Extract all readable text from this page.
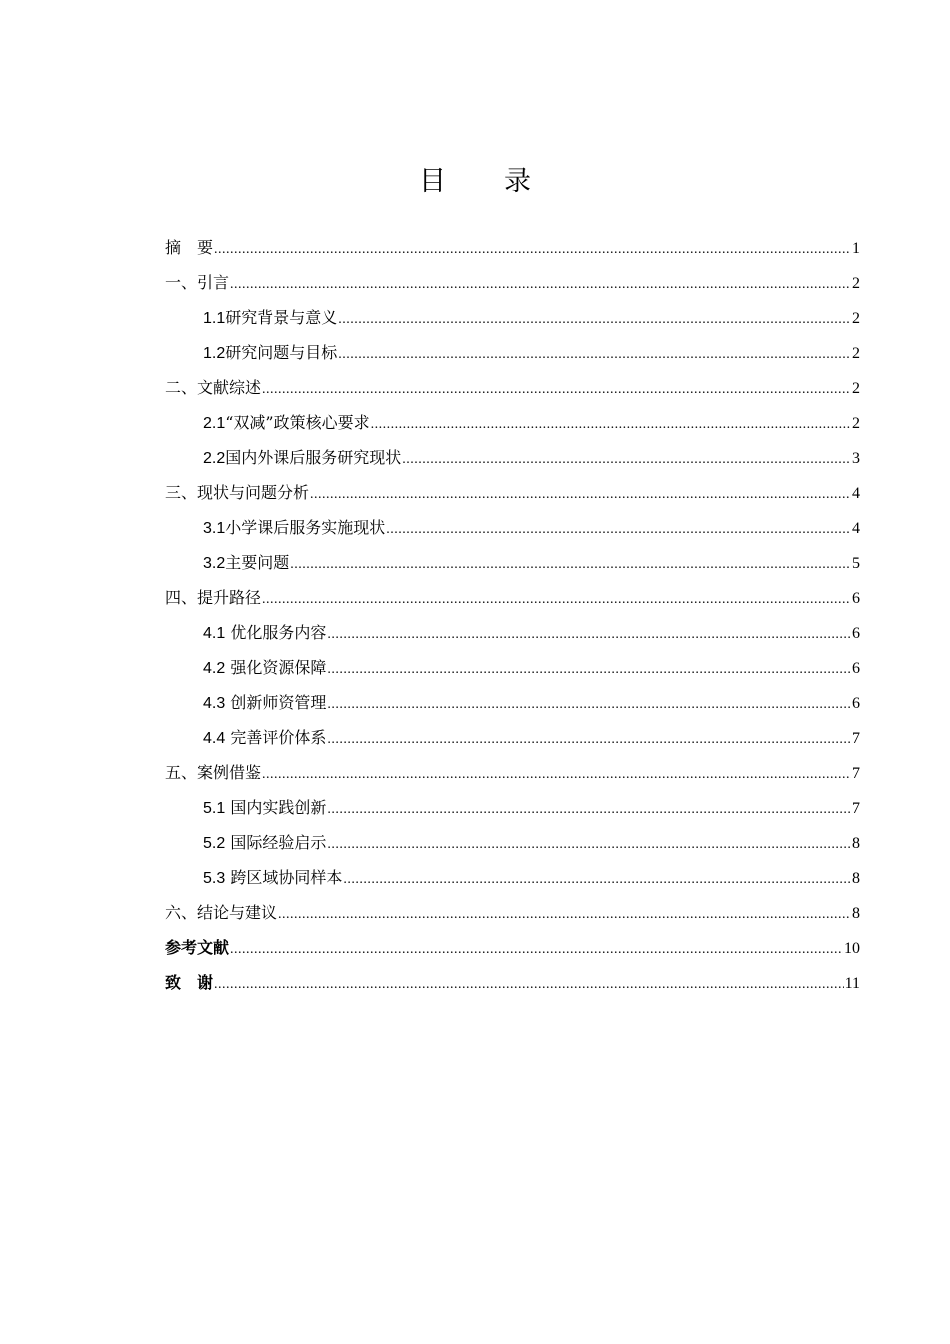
目录
摘　要 .....	1
一、引言 .....	2
1.1研究背景与意义 .....	2
1.2研究问题与目标 .....	2
二、文献综述 .....	2
2.1“双减”政策核心要求 .....	2
2.2国内外课后服务研究现状 .....	3
三、现状与问题分析 .....	4
3.1小学课后服务实施现状 .....	4
3.2主要问题 .....	5
四、提升路径 .....	6
4.1 优化服务内容 .....	6
4.2 强化资源保障 .....	6
4.3 创新师资管理 .....	6
4.4 完善评价体系 .....	7
五、案例借鉴 .....	7
5.1 国内实践创新 .....	7
5.2 国际经验启示 .....	8
5.3 跨区域协同样本 .....	8
六、结论与建议 .....	8
参考文献 .....	10
致　谢 .....	11
